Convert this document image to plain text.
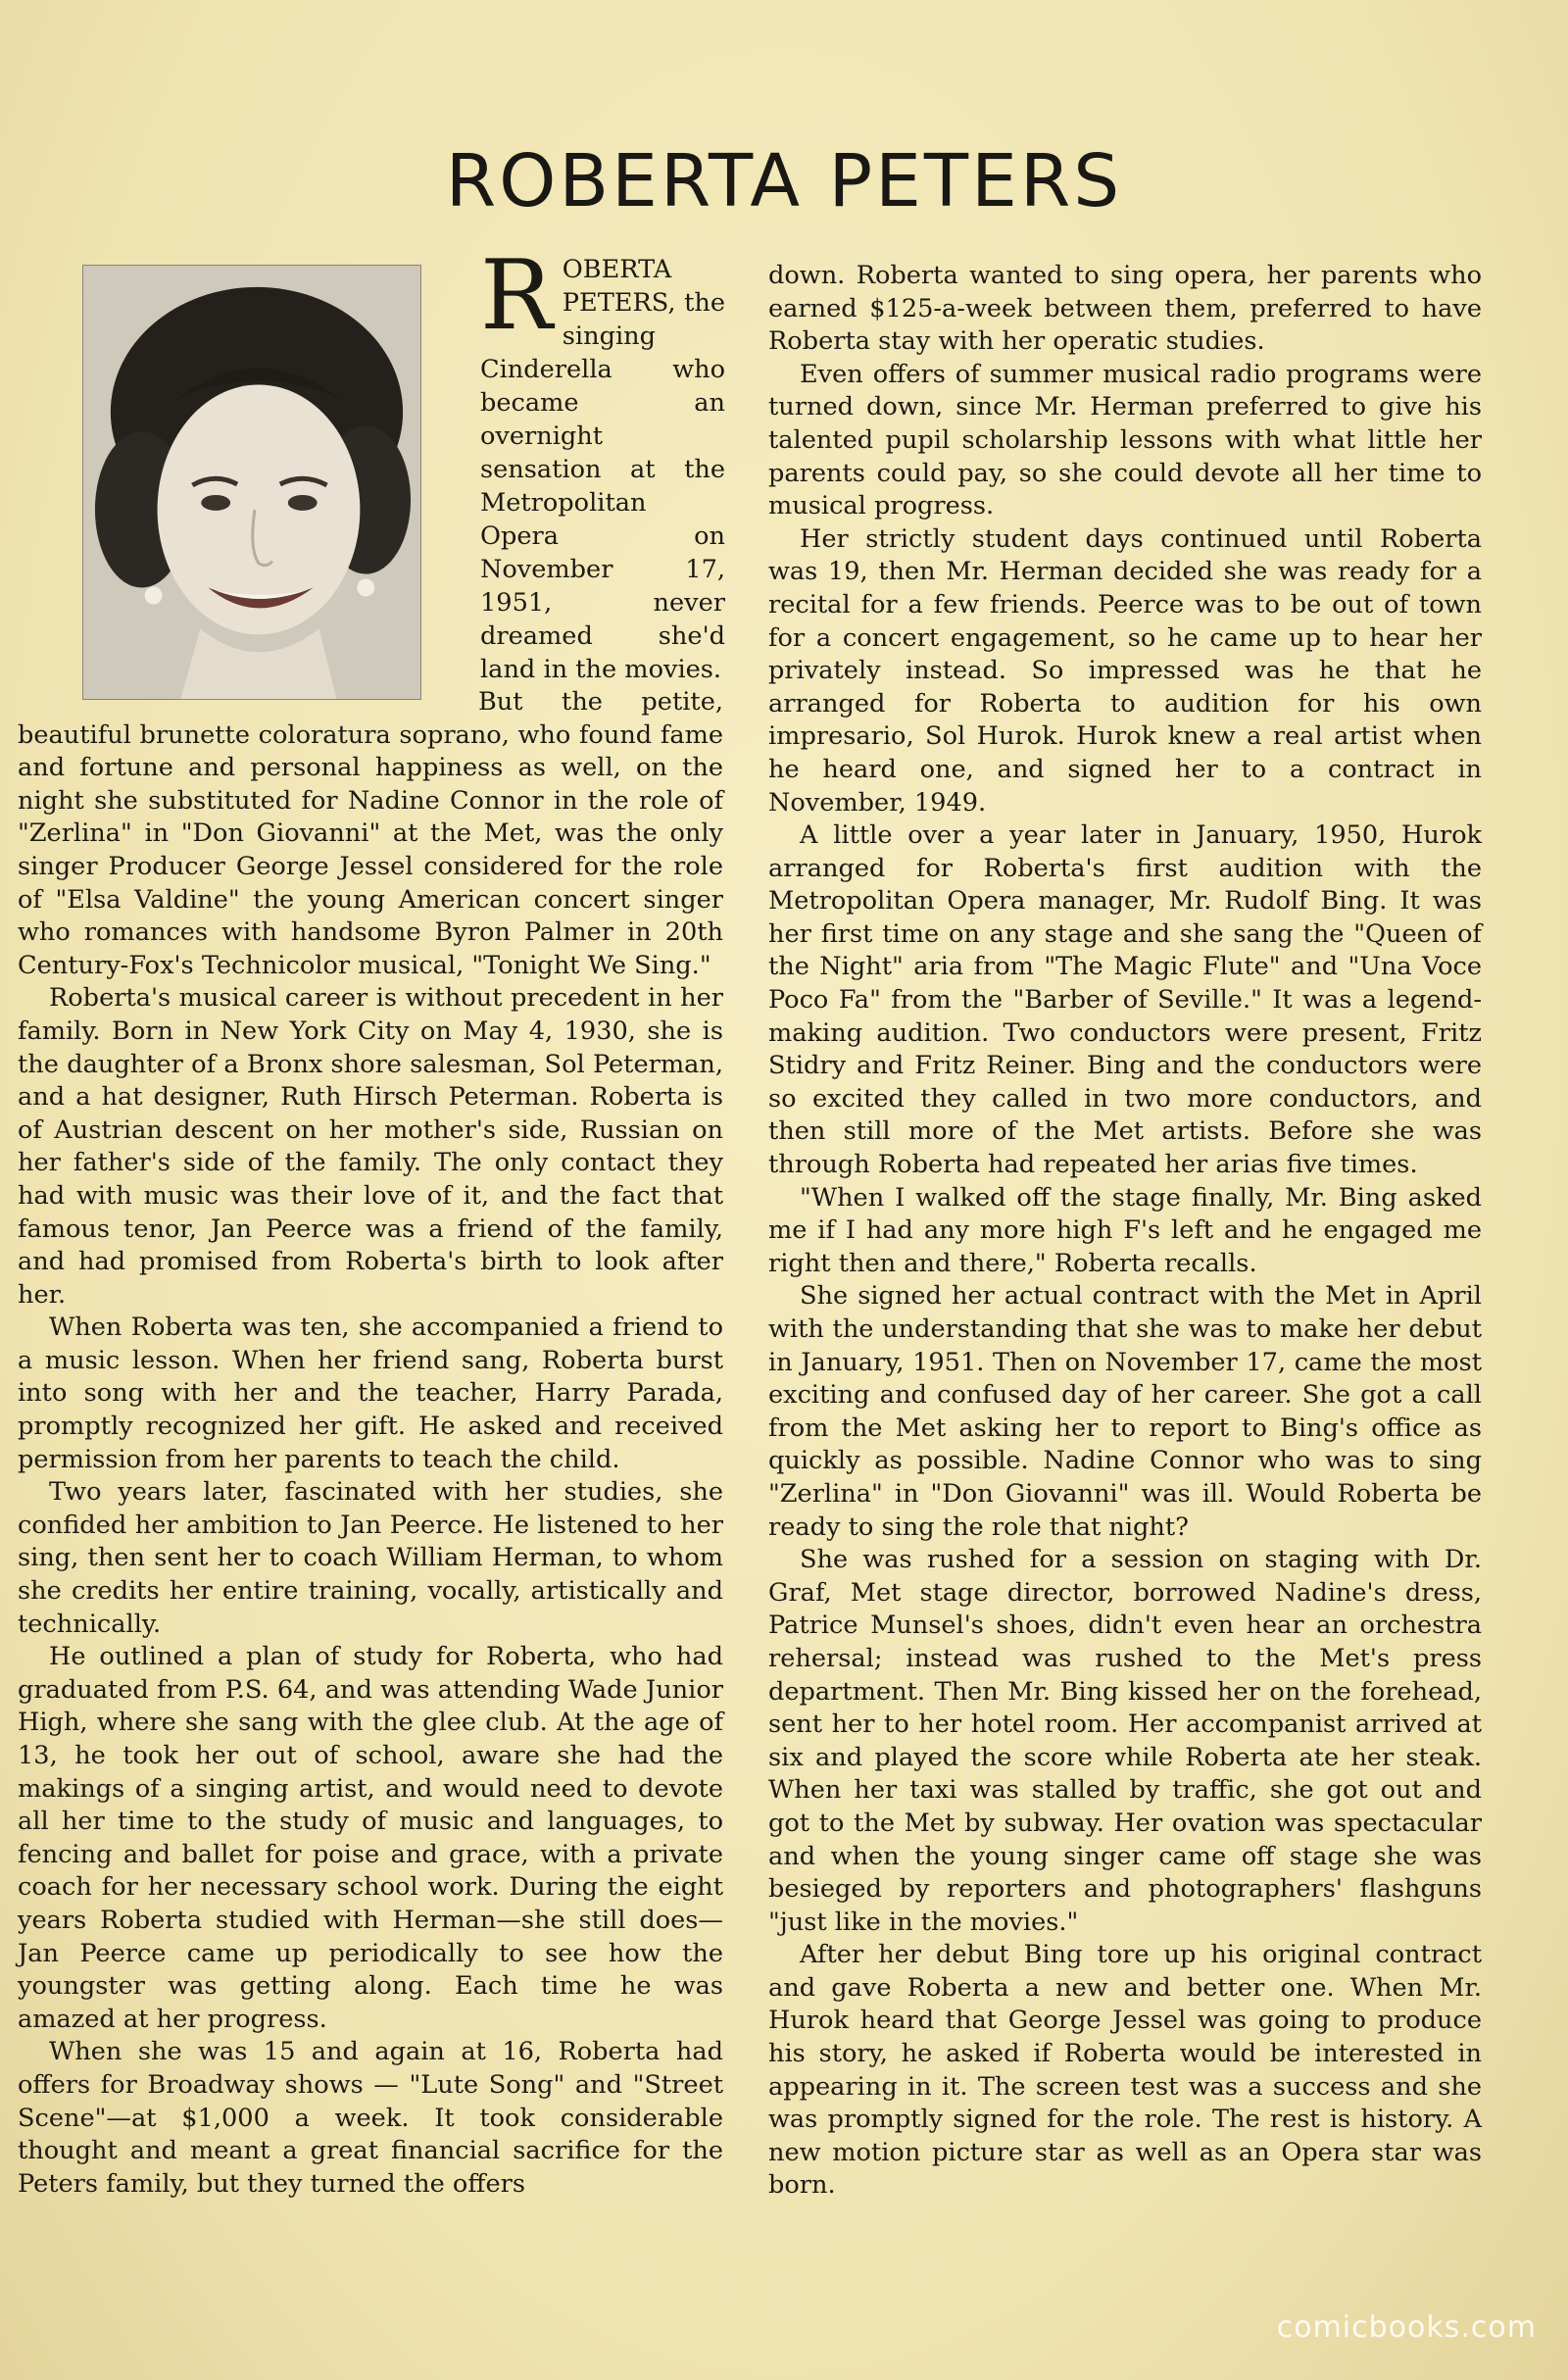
ROBERTA PETERS
R OBERTA PETERS, the singing Cinderella who became an overnight sensation at the Metropolitan Opera on November 17, 1951, never dreamed she'd land in the movies.

But the petite, beautiful brunette coloratura soprano, who found fame and fortune and personal happiness as well, on the night she substituted for Nadine Connor in the role of "Zerlina" in "Don Giovanni" at the Met, was the only singer Producer George Jessel considered for the role of "Elsa Valdine" the young American concert singer who romances with handsome Byron Palmer in 20th Century-Fox's Technicolor musical, "Tonight We Sing."

Roberta's musical career is without precedent in her family. Born in New York City on May 4, 1930, she is the daughter of a Bronx shore salesman, Sol Peterman, and a hat designer, Ruth Hirsch Peterman. Roberta is of Austrian descent on her mother's side, Russian on her father's side of the family. The only contact they had with music was their love of it, and the fact that famous tenor, Jan Peerce was a friend of the family, and had promised from Roberta's birth to look after her.

When Roberta was ten, she accompanied a friend to a music lesson. When her friend sang, Roberta burst into song with her and the teacher, Harry Parada, promptly recognized her gift. He asked and received permission from her parents to teach the child.

Two years later, fascinated with her studies, she confided her ambition to Jan Peerce. He listened to her sing, then sent her to coach William Herman, to whom she credits her entire training, vocally, artistically and technically.

He outlined a plan of study for Roberta, who had graduated from P.S. 64, and was attending Wade Junior High, where she sang with the glee club. At the age of 13, he took her out of school, aware she had the makings of a singing artist, and would need to devote all her time to the study of music and languages, to fencing and ballet for poise and grace, with a private coach for her necessary school work. During the eight years Roberta studied with Herman—she still does—Jan Peerce came up periodically to see how the youngster was getting along. Each time he was amazed at her progress.

When she was 15 and again at 16, Roberta had offers for Broadway shows — "Lute Song" and "Street Scene"—at $1,000 a week. It took considerable thought and meant a great financial sacrifice for the Peters family, but they turned the offers

down. Roberta wanted to sing opera, her parents who earned $125-a-week between them, preferred to have Roberta stay with her operatic studies.

Even offers of summer musical radio programs were turned down, since Mr. Herman preferred to give his talented pupil scholarship lessons with what little her parents could pay, so she could devote all her time to musical progress.

Her strictly student days continued until Roberta was 19, then Mr. Herman decided she was ready for a recital for a few friends. Peerce was to be out of town for a concert engagement, so he came up to hear her privately instead. So impressed was he that he arranged for Roberta to audition for his own impresario, Sol Hurok. Hurok knew a real artist when he heard one, and signed her to a contract in November, 1949.

A little over a year later in January, 1950, Hurok arranged for Roberta's first audition with the Metropolitan Opera manager, Mr. Rudolf Bing. It was her first time on any stage and she sang the "Queen of the Night" aria from "The Magic Flute" and "Una Voce Poco Fa" from the "Barber of Seville." It was a legend-making audition. Two conductors were present, Fritz Stidry and Fritz Reiner. Bing and the conductors were so excited they called in two more conductors, and then still more of the Met artists. Before she was through Roberta had repeated her arias five times.

"When I walked off the stage finally, Mr. Bing asked me if I had any more high F's left and he engaged me right then and there," Roberta recalls.

She signed her actual contract with the Met in April with the understanding that she was to make her debut in January, 1951. Then on November 17, came the most exciting and confused day of her career. She got a call from the Met asking her to report to Bing's office as quickly as possible. Nadine Connor who was to sing "Zerlina" in "Don Giovanni" was ill. Would Roberta be ready to sing the role that night?

She was rushed for a session on staging with Dr. Graf, Met stage director, borrowed Nadine's dress, Patrice Munsel's shoes, didn't even hear an orchestra rehersal; instead was rushed to the Met's press department. Then Mr. Bing kissed her on the forehead, sent her to her hotel room. Her accompanist arrived at six and played the score while Roberta ate her steak. When her taxi was stalled by traffic, she got out and got to the Met by subway. Her ovation was spectacular and when the young singer came off stage she was besieged by reporters and photographers' flashguns "just like in the movies."

After her debut Bing tore up his original contract and gave Roberta a new and better one. When Mr. Hurok heard that George Jessel was going to produce his story, he asked if Roberta would be interested in appearing in it. The screen test was a success and she was promptly signed for the role. The rest is history. A new motion picture star as well as an Opera star was born.

comicbooks.com
